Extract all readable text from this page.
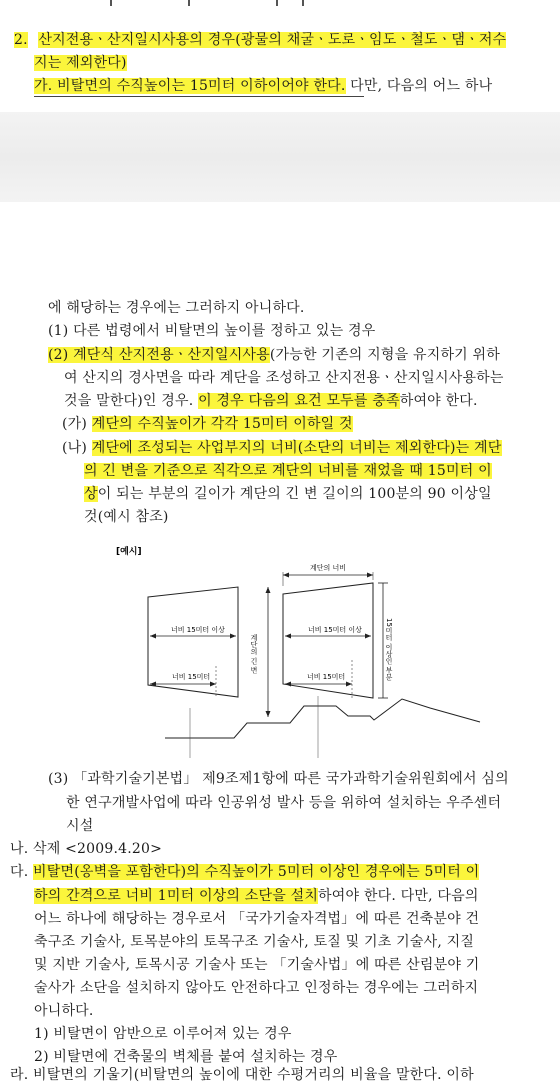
2. 산지전용ㆍ산지일시사용의 경우(광물의 채굴ㆍ도로ㆍ임도ㆍ철도ㆍ댐ㆍ저수
지는 제외한다)
가. 비탈면의 수직높이는 15미터 이하이어야 한다. 다만, 다음의 어느 하나
에 해당하는 경우에는 그러하지 아니하다.
(1) 다른 법령에서 비탈면의 높이를 정하고 있는 경우
(2) 계단식 산지전용ㆍ산지일시사용(가능한 기존의 지형을 유지하기 위하
여 산지의 경사면을 따라 계단을 조성하고 산지전용ㆍ산지일시사용하는
것을 말한다)인 경우. 이 경우 다음의 요건 모두를 충족하여야 한다.
(가) 계단의 수직높이가 각각 15미터 이하일 것
(나) 계단에 조성되는 사업부지의 너비(소단의 너비는 제외한다)는 계단
의 긴 변을 기준으로 직각으로 계단의 너비를 재었을 때 15미터 이
상이 되는 부분의 길이가 계단의 긴 변 길이의 100분의 90 이상일
것(예시 참조)
[예시]
너비 15미터 이상
너비 15미터
계단의 긴 변
계단의 너비
너비 15미터 이상
너비 15미터	15미터 이상인 부분
(3) 「과학기술기본법」 제9조제1항에 따른 국가과학기술위원회에서 심의
한 연구개발사업에 따라 인공위성 발사 등을 위하여 설치하는 우주센터
시설
나. 삭제 <2009.4.20>
다. 비탈면(옹벽을 포함한다)의 수직높이가 5미터 이상인 경우에는 5미터 이
하의 간격으로 너비 1미터 이상의 소단을 설치하여야 한다. 다만, 다음의
어느 하나에 해당하는 경우로서 「국가기술자격법」에 따른 건축분야 건
축구조 기술사, 토목분야의 토목구조 기술사, 토질 및 기초 기술사, 지질
및 지반 기술사, 토목시공 기술사 또는 「기술사법」에 따른 산림분야 기
술사가 소단을 설치하지 않아도 안전하다고 인정하는 경우에는 그러하지
아니하다.
1) 비탈면이 암반으로 이루어져 있는 경우
2) 비탈면에 건축물의 벽체를 붙여 설치하는 경우
라. 비탈면의 기울기(비탈면의 높이에 대한 수평거리의 비율을 말한다. 이하
